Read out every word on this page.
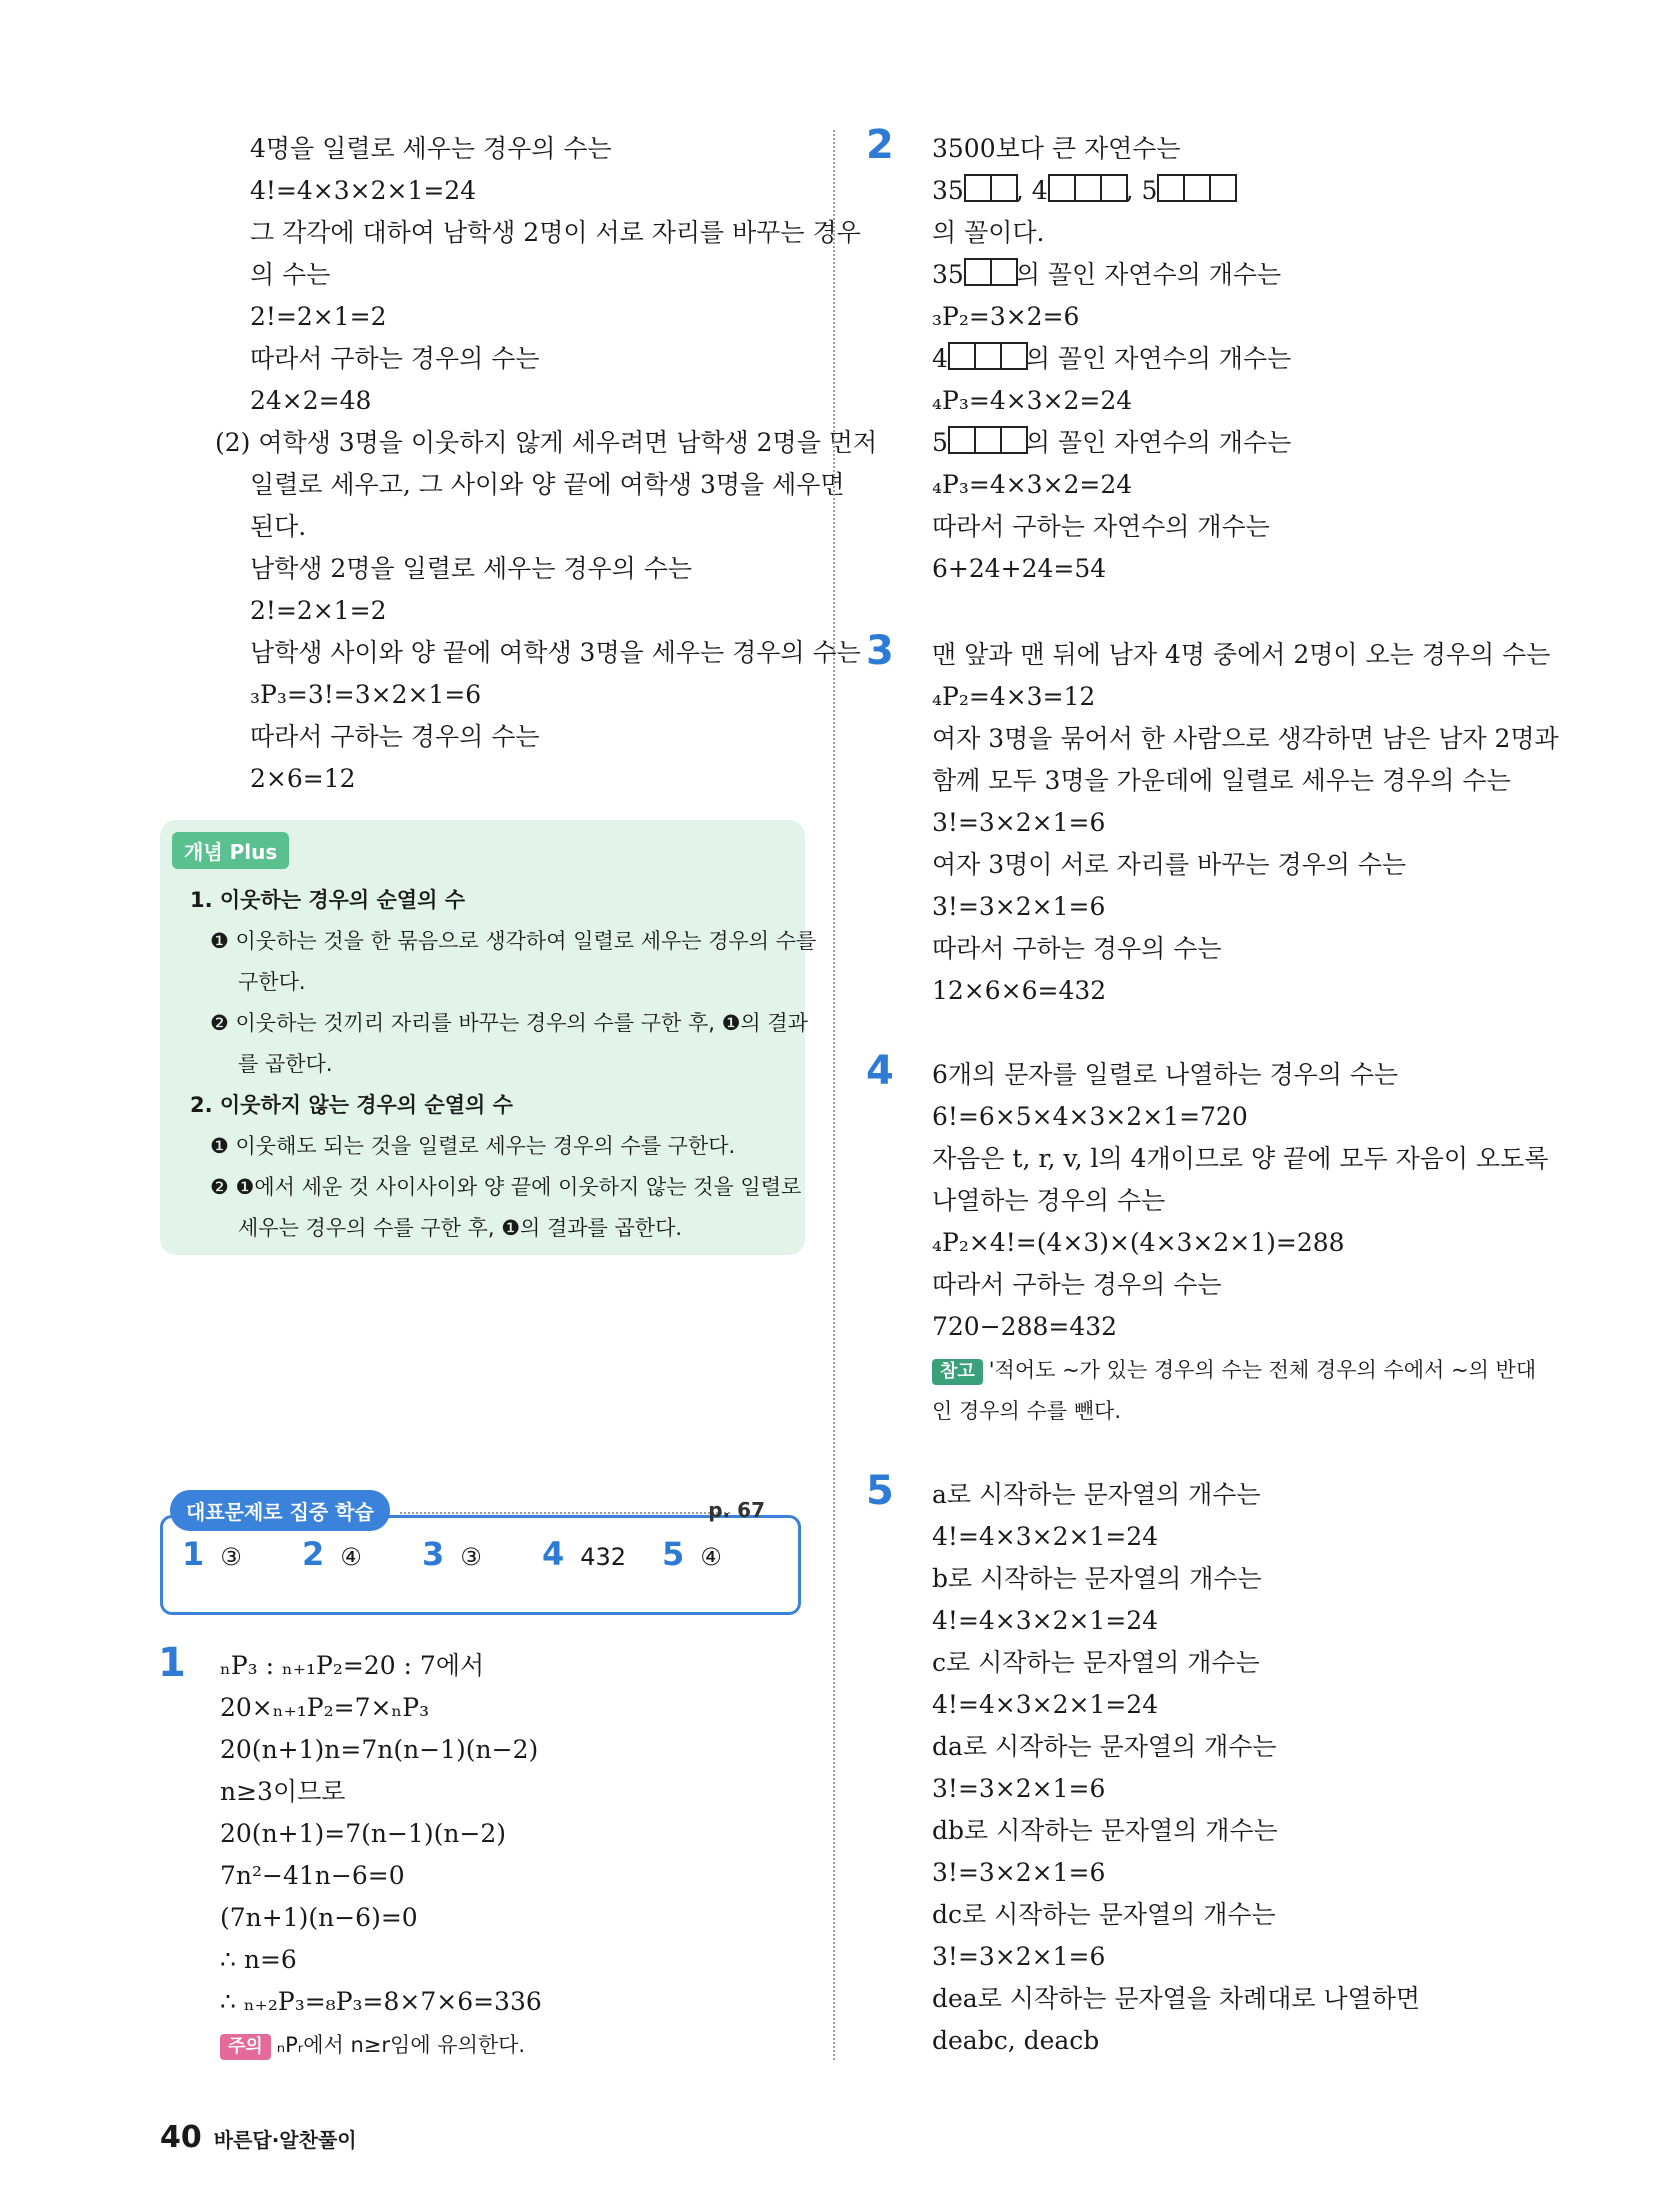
4명을 일렬로 세우는 경우의 수는
4!=4×3×2×1=24
그 각각에 대하여 남학생 2명이 서로 자리를 바꾸는 경우
의 수는
2!=2×1=2
따라서 구하는 경우의 수는
24×2=48
(2) 여학생 3명을 이웃하지 않게 세우려면 남학생 2명을 먼저
일렬로 세우고, 그 사이와 양 끝에 여학생 3명을 세우면
된다.
남학생 2명을 일렬로 세우는 경우의 수는
2!=2×1=2
남학생 사이와 양 끝에 여학생 3명을 세우는 경우의 수는
₃P₃=3!=3×2×1=6
따라서 구하는 경우의 수는
2×6=12
개념 Plus
1. 이웃하는 경우의 순열의 수
❶ 이웃하는 것을 한 묶음으로 생각하여 일렬로 세우는 경우의 수를
구한다.
❷ 이웃하는 것끼리 자리를 바꾸는 경우의 수를 구한 후, ❶의 결과
를 곱한다.
2. 이웃하지 않는 경우의 순열의 수
❶ 이웃해도 되는 것을 일렬로 세우는 경우의 수를 구한다.
❷ ❶에서 세운 것 사이사이와 양 끝에 이웃하지 않는 것을 일렬로
세우는 경우의 수를 구한 후, ❶의 결과를 곱한다.
대표문제로 집중 학습	p. 67
1 ③	2 ④	3 ③	4 432	5 ④
1 ₙP₃ : ₙ₊₁P₂=20 : 7에서
20×ₙ₊₁P₂=7×ₙP₃
20(n+1)n=7n(n−1)(n−2)
n≥3이므로
20(n+1)=7(n−1)(n−2)
7n²−41n−6=0
(7n+1)(n−6)=0
∴ n=6
∴ ₙ₊₂P₃=₈P₃=8×7×6=336
주의 ₙPᵣ에서 n≥r임에 유의한다.
2 3500보다 큰 자연수는
35 , 4	, 5
의 꼴이다.
35 의 꼴인 자연수의 개수는
₃P₂=3×2=6
4	의 꼴인 자연수의 개수는
₄P₃=4×3×2=24
5	의 꼴인 자연수의 개수는
₄P₃=4×3×2=24
따라서 구하는 자연수의 개수는
6+24+24=54
3 맨 앞과 맨 뒤에 남자 4명 중에서 2명이 오는 경우의 수는
₄P₂=4×3=12
여자 3명을 묶어서 한 사람으로 생각하면 남은 남자 2명과
함께 모두 3명을 가운데에 일렬로 세우는 경우의 수는
3!=3×2×1=6
여자 3명이 서로 자리를 바꾸는 경우의 수는
3!=3×2×1=6
따라서 구하는 경우의 수는
12×6×6=432
4 6개의 문자를 일렬로 나열하는 경우의 수는
6!=6×5×4×3×2×1=720
자음은 t, r, v, l의 4개이므로 양 끝에 모두 자음이 오도록
나열하는 경우의 수는
₄P₂×4!=(4×3)×(4×3×2×1)=288
따라서 구하는 경우의 수는
720−288=432
참고 '적어도 ~가 있는 경우의 수는 전체 경우의 수에서 ~의 반대
인 경우의 수를 뺀다.
5 a로 시작하는 문자열의 개수는
4!=4×3×2×1=24
b로 시작하는 문자열의 개수는
4!=4×3×2×1=24
c로 시작하는 문자열의 개수는
4!=4×3×2×1=24
da로 시작하는 문자열의 개수는
3!=3×2×1=6
db로 시작하는 문자열의 개수는
3!=3×2×1=6
dc로 시작하는 문자열의 개수는
3!=3×2×1=6
dea로 시작하는 문자열을 차례대로 나열하면
deabc, deacb
40 바른답·알찬풀이
